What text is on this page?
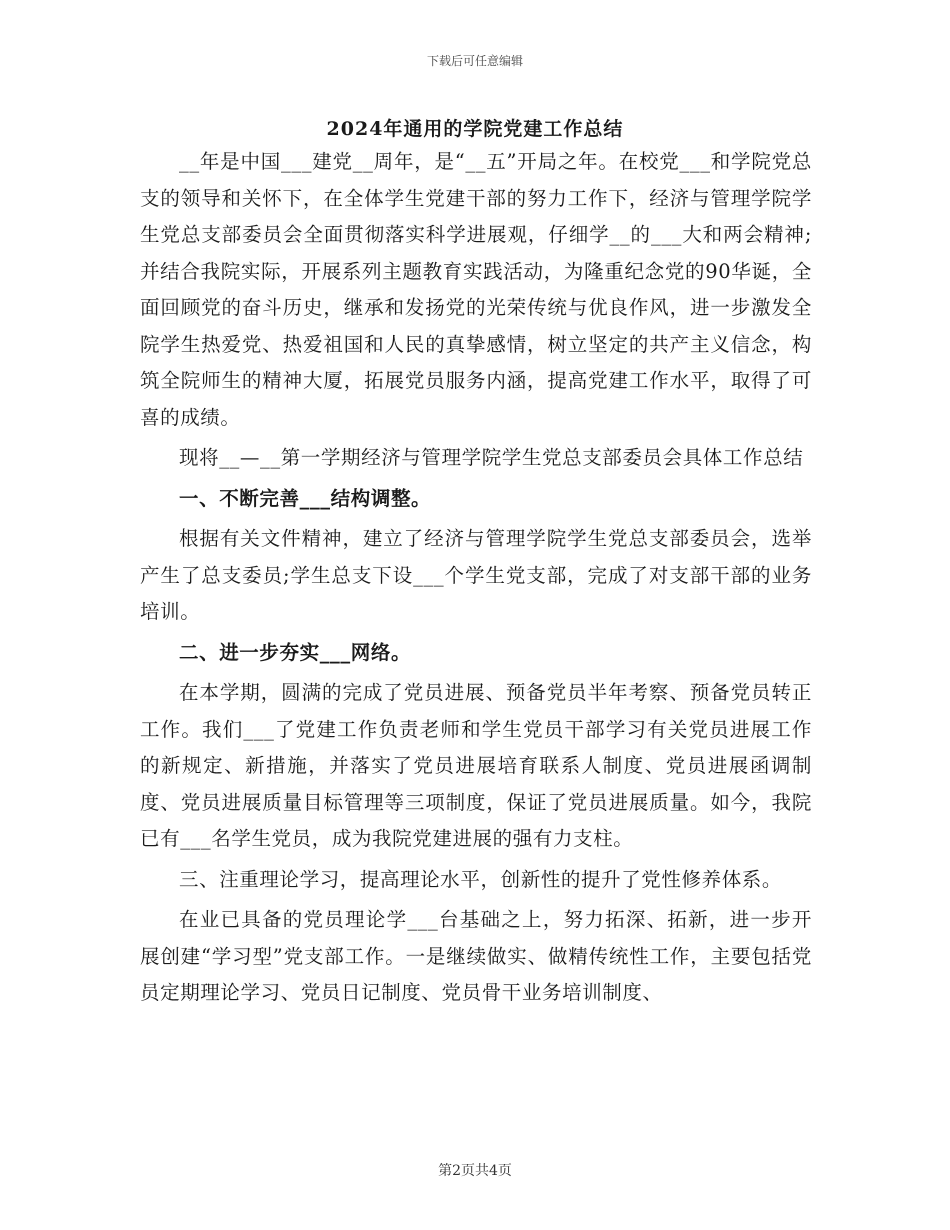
下载后可任意编辑
2024年通用的学院党建工作总结

__年是中国___建党__周年，是“__五”开局之年。在校党___和学院党总支的领导和关怀下，在全体学生党建干部的努力工作下，经济与管理学院学生党总支部委员会全面贯彻落实科学进展观，仔细学__的___大和两会精神;并结合我院实际，开展系列主题教育实践活动，为隆重纪念党的90华诞，全面回顾党的奋斗历史，继承和发扬党的光荣传统与优良作风，进一步激发全院学生热爱党、热爱祖国和人民的真挚感情，树立坚定的共产主义信念，构筑全院师生的精神大厦，拓展党员服务内涵，提高党建工作水平，取得了可喜的成绩。

现将__—__第一学期经济与管理学院学生党总支部委员会具体工作总结

一、不断完善___结构调整。

根据有关文件精神，建立了经济与管理学院学生党总支部委员会，选举产生了总支委员;学生总支下设___个学生党支部，完成了对支部干部的业务培训。

二、进一步夯实___网络。

在本学期，圆满的完成了党员进展、预备党员半年考察、预备党员转正工作。我们___了党建工作负责老师和学生党员干部学习有关党员进展工作的新规定、新措施，并落实了党员进展培育联系人制度、党员进展函调制度、党员进展质量目标管理等三项制度，保证了党员进展质量。如今，我院已有___名学生党员，成为我院党建进展的强有力支柱。

三、注重理论学习，提高理论水平，创新性的提升了党性修养体系。

在业已具备的党员理论学___台基础之上，努力拓深、拓新，进一步开展创建“学习型”党支部工作。一是继续做实、做精传统性工作，主要包括党员定期理论学习、党员日记制度、党员骨干业务培训制度、

第2页共4页
